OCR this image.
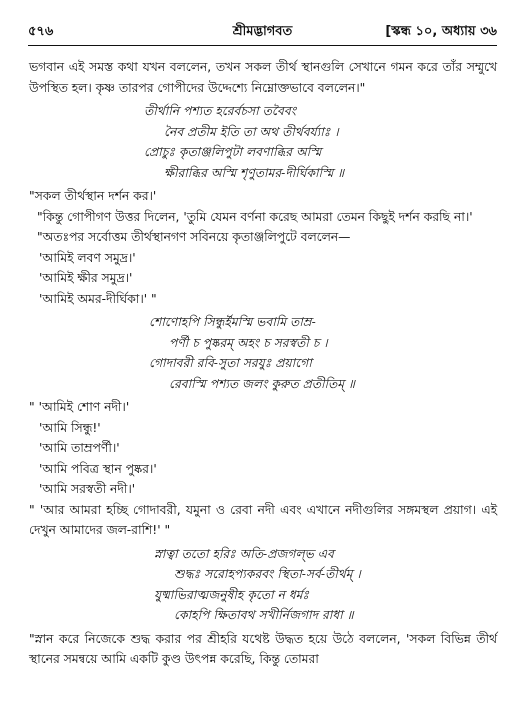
৫৭৬	শ্রীমদ্ভাগবত	[স্কন্ধ ১০, অধ্যায় ৩৬

ভগবান এই সমস্ত কথা যখন বললেন, তখন সকল তীর্থ স্থানগুলি সেখানে গমন করে তাঁর সম্মুখে উপস্থিত হল। কৃষ্ণ তারপর গোপীদের উদ্দেশ্যে নিম্নোক্তভাবে বললেন।"

তীর্থানি পশ্যত হরের্বচসা তবৈবং
নৈব প্রতীম ইতি তা অথ তীর্থবর্য্যাঃ ।
প্রোচুঃ কৃতাঞ্জলিপুটা লবণাব্ধির অস্মি
ক্ষীরাব্ধির অস্মি শৃণুতামর-দীর্ঘিকাস্মি ॥

"সকল তীর্থস্থান দর্শন কর।'

"কিন্তু গোপীগণ উত্তর দিলেন, 'তুমি যেমন বর্ণনা করেছ আমরা তেমন কিছুই দর্শন করছি না।'

"অতঃপর সর্বোত্তম তীর্থস্থানগণ সবিনয়ে কৃতাঞ্জলিপুটে বললেন—

'আমিই লবণ সমুদ্র।'

'আমিই ক্ষীর সমুদ্র।'

'আমিই অমর-দীর্ঘিকা।' "

শোণোহপি সিন্ধুর্ইমস্মি ভবামি তাম্র-
পর্ণী চ পুষ্করম্ অহং চ সরস্বতী চ ।
গোদাবরী রবি-সুতা সরযুঃ প্রয়াগো
রেবাস্মি পশ্যত জলং কুরুত প্রতীতিম্ ॥

" 'আমিই শোণ নদী।'

'আমি সিন্ধু!'

'আমি তাম্রপর্ণী।'

'আমি পবিত্র স্থান পুষ্কর।'

'আমি সরস্বতী নদী।'

" 'আর আমরা হচ্ছি গোদাবরী, যমুনা ও রেবা নদী এবং এখানে নদীগুলির সঙ্গমস্থল প্রয়াগ। এই দেখুন আমাদের জল-রাশি!' "

স্নাত্বা ততো হরিঃ অতি-প্রজগল্ভ এব
শুদ্ধঃ সরোহপ্যকরবং স্থিতা-সর্ব-তীর্থম্ ।
যুষ্মাভিরাত্মজনুষীহ কৃতো ন ধর্মঃ
কোহপি ক্ষিতাবথ সখীর্নিজগাদ রাধা ॥

"স্নান করে নিজেকে শুদ্ধ করার পর শ্রীহরি যথেষ্ট উদ্ধত হয়ে উঠে বললেন, 'সকল বিভিন্ন তীর্থ স্থানের সমন্বয়ে আমি একটি কুণ্ড উৎপন্ন করেছি, কিন্তু তোমরা
